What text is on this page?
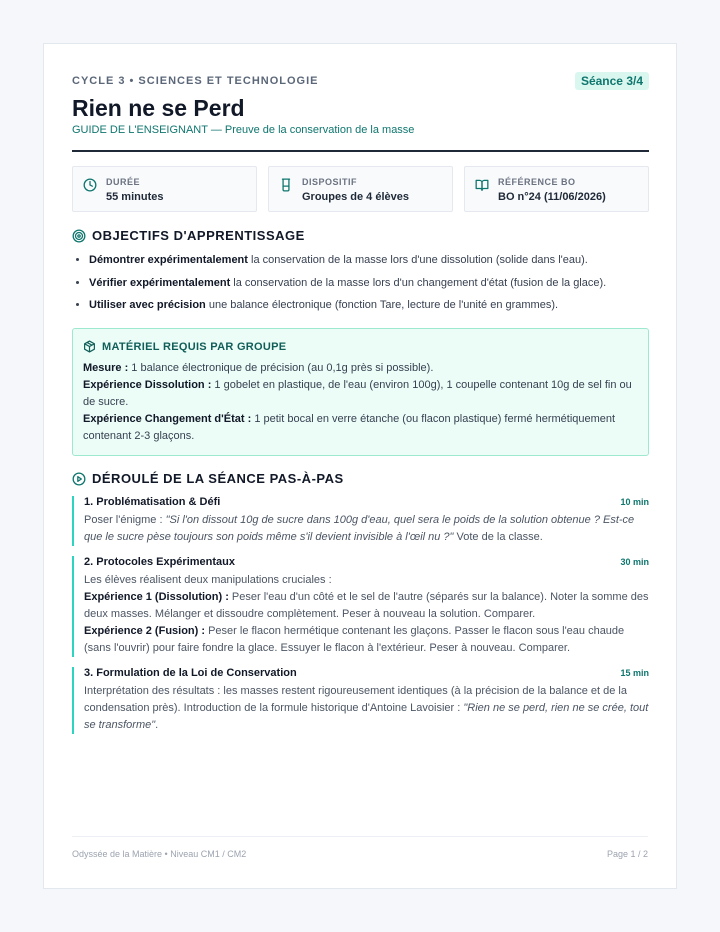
CYCLE 3 • SCIENCES ET TECHNOLOGIE	Séance 3/4
Rien ne se Perd
GUIDE DE L'ENSEIGNANT — Preuve de la conservation de la masse
DURÉE
55 minutes
DISPOSITIF
Groupes de 4 élèves
RÉFÉRENCE BO
BO n°24 (11/06/2026)
OBJECTIFS D'APPRENTISSAGE
• Démontrer expérimentalement la conservation de la masse lors d'une dissolution (solide dans l'eau).
• Vérifier expérimentalement la conservation de la masse lors d'un changement d'état (fusion de la glace).
• Utiliser avec précision une balance électronique (fonction Tare, lecture de l'unité en grammes).
MATÉRIEL REQUIS PAR GROUPE
Mesure : 1 balance électronique de précision (au 0,1g près si possible).
Expérience Dissolution : 1 gobelet en plastique, de l'eau (environ 100g), 1 coupelle contenant 10g de sel fin ou de sucre.
Expérience Changement d'État : 1 petit bocal en verre étanche (ou flacon plastique) fermé hermétiquement contenant 2-3 glaçons.
DÉROULÉ DE LA SÉANCE PAS-À-PAS
1. Problématisation & Défi	10 min
Poser l'énigme : "Si l'on dissout 10g de sucre dans 100g d'eau, quel sera le poids de la solution obtenue ? Est-ce que le sucre pèse toujours son poids même s'il devient invisible à l'œil nu ?" Vote de la classe.
2. Protocoles Expérimentaux	30 min
Les élèves réalisent deux manipulations cruciales :
Expérience 1 (Dissolution) : Peser l'eau d'un côté et le sel de l'autre (séparés sur la balance). Noter la somme des deux masses. Mélanger et dissoudre complètement. Peser à nouveau la solution. Comparer.
Expérience 2 (Fusion) : Peser le flacon hermétique contenant les glaçons. Passer le flacon sous l'eau chaude (sans l'ouvrir) pour faire fondre la glace. Essuyer le flacon à l'extérieur. Peser à nouveau. Comparer.
3. Formulation de la Loi de Conservation	15 min
Interprétation des résultats : les masses restent rigoureusement identiques (à la précision de la balance et de la condensation près). Introduction de la formule historique d'Antoine Lavoisier : "Rien ne se perd, rien ne se crée, tout se transforme".
Odyssée de la Matière • Niveau CM1 / CM2	Page 1 / 2
